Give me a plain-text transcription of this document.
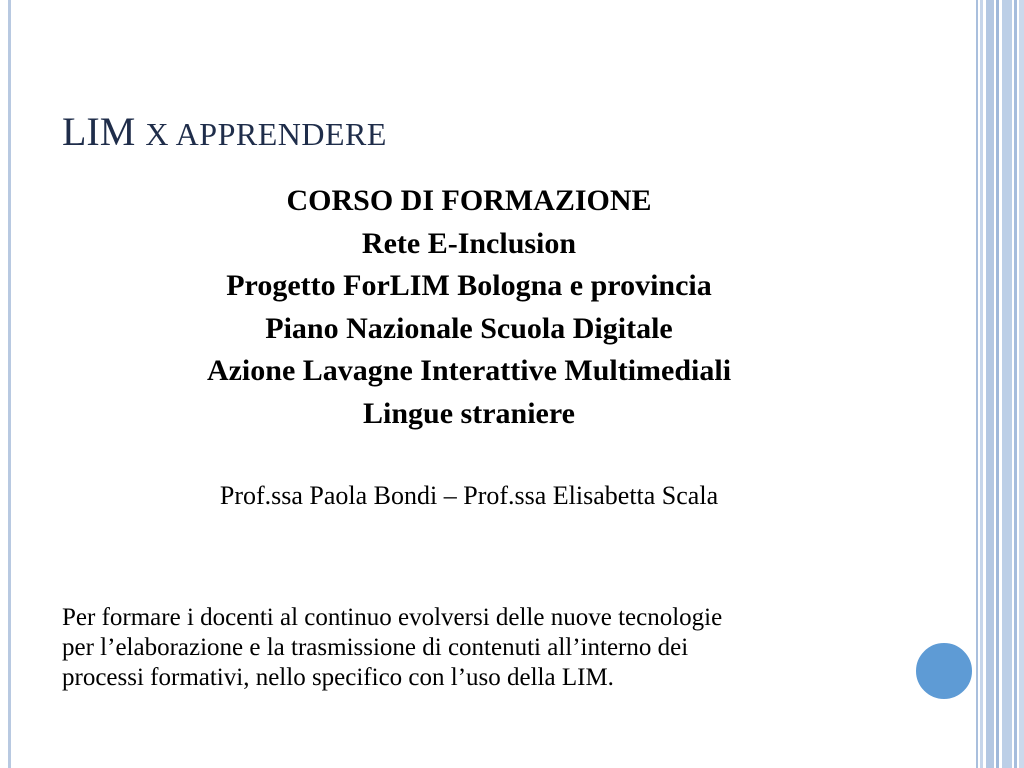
LIM X APPRENDERE
CORSO DI FORMAZIONE
Rete E-Inclusion
Progetto ForLIM Bologna e provincia
Piano Nazionale Scuola Digitale
Azione Lavagne Interattive Multimediali
Lingue straniere
Prof.ssa Paola Bondi – Prof.ssa Elisabetta Scala
Per formare i docenti al continuo evolversi delle nuove tecnologie
per l’elaborazione e la trasmissione di contenuti all’interno dei
processi formativi, nello specifico con l’uso della LIM.
